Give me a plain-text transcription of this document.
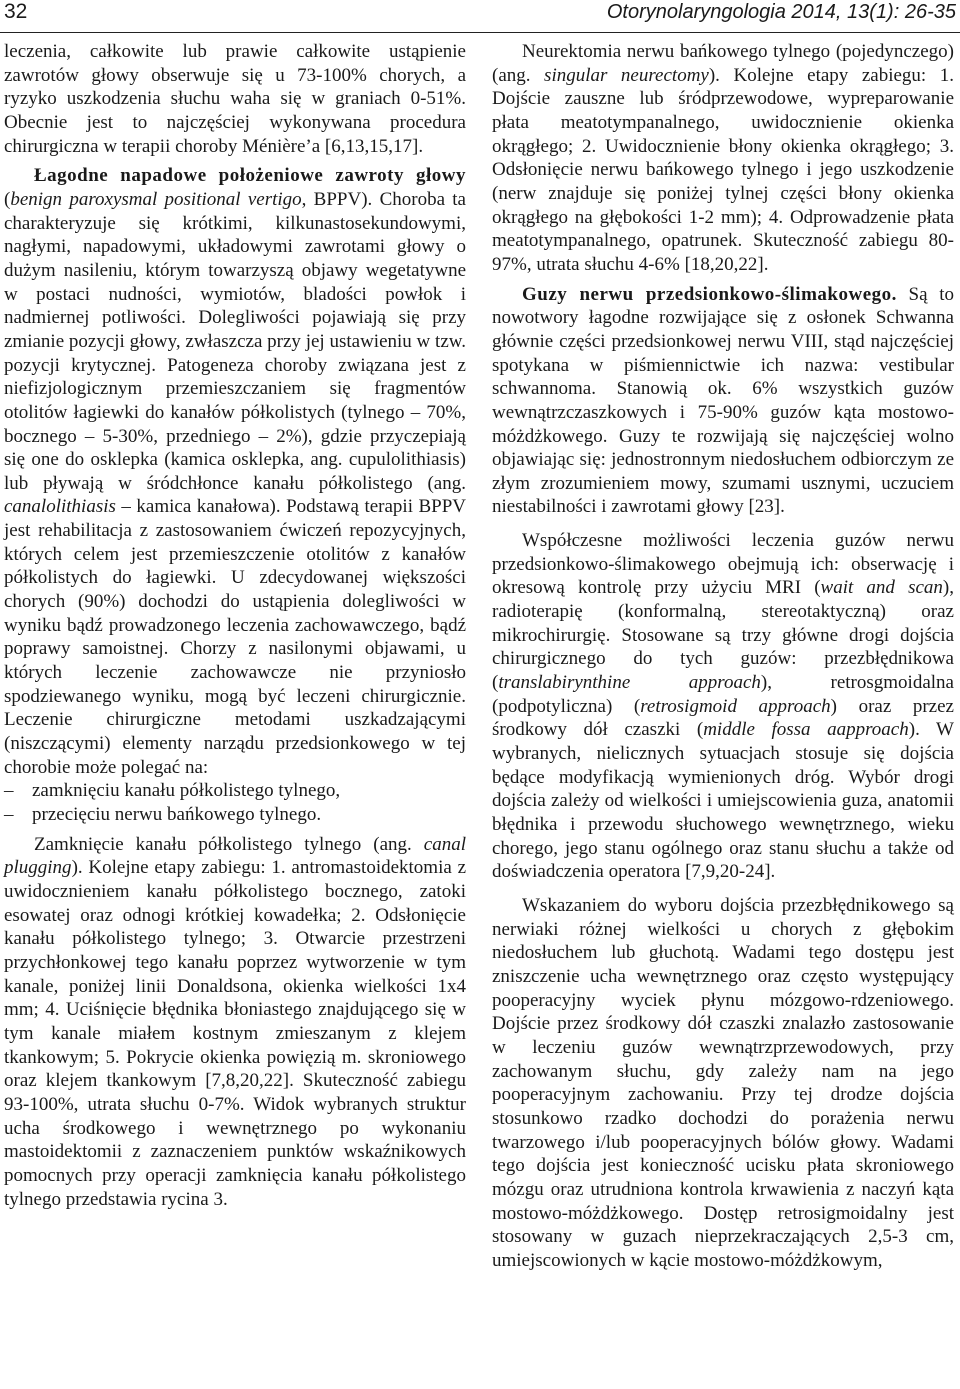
32	Otorynolaryngologia 2014, 13(1): 26-35

leczenia, całkowite lub prawie całkowite ustąpienie zawrotów głowy obserwuje się u 73-100% chorych, a ryzyko uszkodzenia słuchu waha się w graniach 0-51%. Obecnie jest to najczęściej wykonywana procedura chirurgiczna w terapii choroby Ménière’a [6,13,15,17].

Łagodne napadowe położeniowe zawroty głowy (benign paroxysmal positional vertigo, BPPV). Choroba ta charakteryzuje się krótkimi, kilkunastosekundowymi, nagłymi, napadowymi, układowymi zawrotami głowy o dużym nasileniu, którym towarzyszą objawy wegetatywne w postaci nudności, wymiotów, bladości powłok i nadmiernej potliwości. Dolegliwości pojawiają się przy zmianie pozycji głowy, zwłaszcza przy jej ustawieniu w tzw. pozycji krytycznej. Patogeneza choroby związana jest z niefizjologicznym przemieszczaniem się fragmentów otolitów łagiewki do kanałów półkolistych (tylnego – 70%, bocznego – 5-30%, przedniego – 2%), gdzie przyczepiają się one do osklepka (kamica osklepka, ang. cupulolithiasis) lub pływają w śródchłonce kanału półkolistego (ang. canalolithiasis – kamica kanałowa). Podstawą terapii BPPV jest rehabilitacja z zastosowaniem ćwiczeń repozycyjnych, których celem jest przemieszczenie otolitów z kanałów półkolistych do łagiewki. U zdecydowanej większości chorych (90%) dochodzi do ustąpienia dolegliwości w wyniku bądź prowadzonego leczenia zachowawczego, bądź poprawy samoistnej. Chorzy z nasilonymi objawami, u których leczenie zachowawcze nie przyniosło spodziewanego wyniku, mogą być leczeni chirurgicznie. Leczenie chirurgiczne metodami uszkadzającymi (niszczącymi) elementy narządu przedsionkowego w tej chorobie może polegać na:

– zamknięciu kanału półkolistego tylnego,
– przecięciu nerwu bańkowego tylnego.

Zamknięcie kanału półkolistego tylnego (ang. canal plugging). Kolejne etapy zabiegu: 1. antromastoidektomia z uwidocznieniem kanału półkolistego bocznego, zatoki esowatej oraz odnogi krótkiej kowadełka; 2. Odsłonięcie kanału półkolistego tylnego; 3. Otwarcie przestrzeni przychłonkowej tego kanału poprzez wytworzenie w tym kanale, poniżej linii Donaldsona, okienka wielkości 1x4 mm; 4. Uciśnięcie błędnika błoniastego znajdującego się w tym kanale miałem kostnym zmieszanym z klejem tkankowym; 5. Pokrycie okienka powięzią m. skroniowego oraz klejem tkankowym [7,8,20,22]. Skuteczność zabiegu 93-100%, utrata słuchu 0-7%. Widok wybranych struktur ucha środkowego i wewnętrznego po wykonaniu mastoidektomii z zaznaczeniem punktów wskaźnikowych pomocnych przy operacji zamknięcia kanału półkolistego tylnego przedstawia rycina 3.

Neurektomia nerwu bańkowego tylnego (pojedynczego) (ang. singular neurectomy). Kolejne etapy zabiegu: 1. Dojście zauszne lub śródprzewodowe, wypreparowanie płata meatotympanalnego, uwidocznienie okienka okrągłego; 2. Uwidocznienie błony okienka okrągłego; 3. Odsłonięcie nerwu bańkowego tylnego i jego uszkodzenie (nerw znajduje się poniżej tylnej części błony okienka okrągłego na głębokości 1-2 mm); 4. Odprowadzenie płata meatotympanalnego, opatrunek. Skuteczność zabiegu 80-97%, utrata słuchu 4-6% [18,20,22].

Guzy nerwu przedsionkowo-ślimakowego. Są to nowotwory łagodne rozwijające się z osłonek Schwanna głównie części przedsionkowej nerwu VIII, stąd najczęściej spotykana w piśmiennictwie ich nazwa: vestibular schwannoma. Stanowią ok. 6% wszystkich guzów wewnątrzczaszkowych i 75-90% guzów kąta mostowo-móżdżkowego. Guzy te rozwijają się najczęściej wolno objawiając się: jednostronnym niedosłuchem odbiorczym ze złym zrozumieniem mowy, szumami usznymi, uczuciem niestabilności i zawrotami głowy [23].

Współczesne możliwości leczenia guzów nerwu przedsionkowo-ślimakowego obejmują ich: obserwację i okresową kontrolę przy użyciu MRI (wait and scan), radioterapię (konformalną, stereotaktyczną) oraz mikrochirurgię. Stosowane są trzy główne drogi dojścia chirurgicznego do tych guzów: przezbłędnikowa (translabirynthine approach), retrosgmoidalna (podpotyliczna) (retrosigmoid approach) oraz przez środkowy dół czaszki (middle fossa aapproach). W wybranych, nielicznych sytuacjach stosuje się dojścia będące modyfikacją wymienionych dróg. Wybór drogi dojścia zależy od wielkości i umiejscowienia guza, anatomii błędnika i przewodu słuchowego wewnętrznego, wieku chorego, jego stanu ogólnego oraz stanu słuchu a także od doświadczenia operatora [7,9,20-24].

Wskazaniem do wyboru dojścia przezbłędnikowego są nerwiaki różnej wielkości u chorych z głębokim niedosłuchem lub głuchotą. Wadami tego dostępu jest zniszczenie ucha wewnętrznego oraz często występujący pooperacyjny wyciek płynu mózgowo-rdzeniowego. Dojście przez środkowy dół czaszki znalazło zastosowanie w leczeniu guzów wewnątrzprzewodowych, przy zachowanym słuchu, gdy zależy nam na jego pooperacyjnym zachowaniu. Przy tej drodze dojścia stosunkowo rzadko dochodzi do porażenia nerwu twarzowego i/lub pooperacyjnych bólów głowy. Wadami tego dojścia jest konieczność ucisku płata skroniowego mózgu oraz utrudniona kontrola krwawienia z naczyń kąta mostowo-móżdżkowego. Dostęp retrosigmoidalny jest stosowany w guzach nieprzekraczających 2,5-3 cm, umiejscowionych w kącie mostowo-móżdżkowym,
